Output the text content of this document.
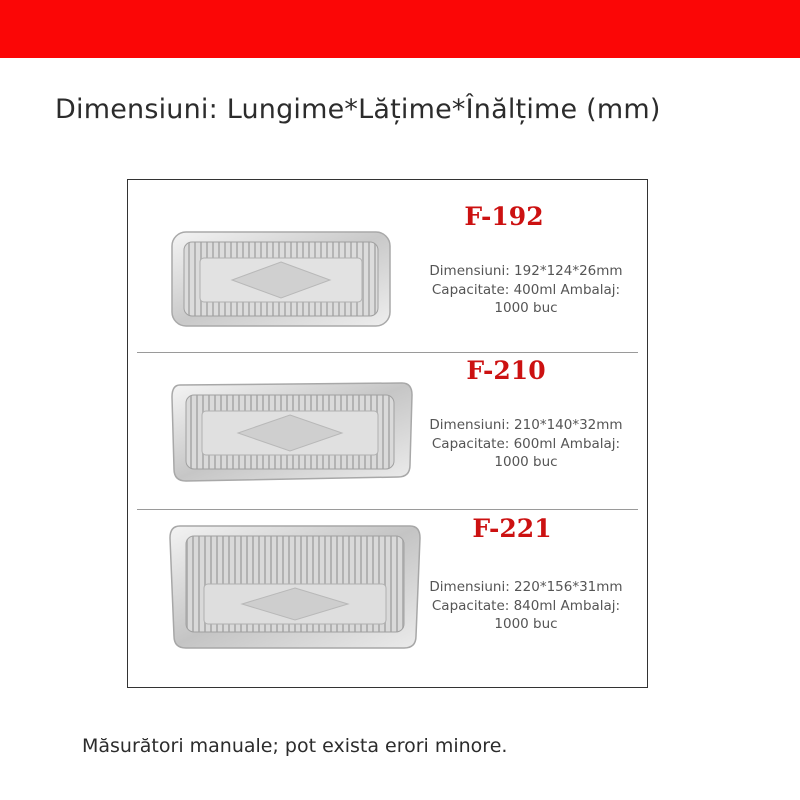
Dimensiuni: Lungime*Lățime*Înălțime (mm)
F-192
Dimensiuni: 192*124*26mm
Capacitate: 400ml Ambalaj:
1000 buc
F-210
Dimensiuni: 210*140*32mm
Capacitate: 600ml Ambalaj:
1000 buc
F-221
Dimensiuni: 220*156*31mm
Capacitate: 840ml Ambalaj:
1000 buc
Măsurători manuale; pot exista erori minore.
